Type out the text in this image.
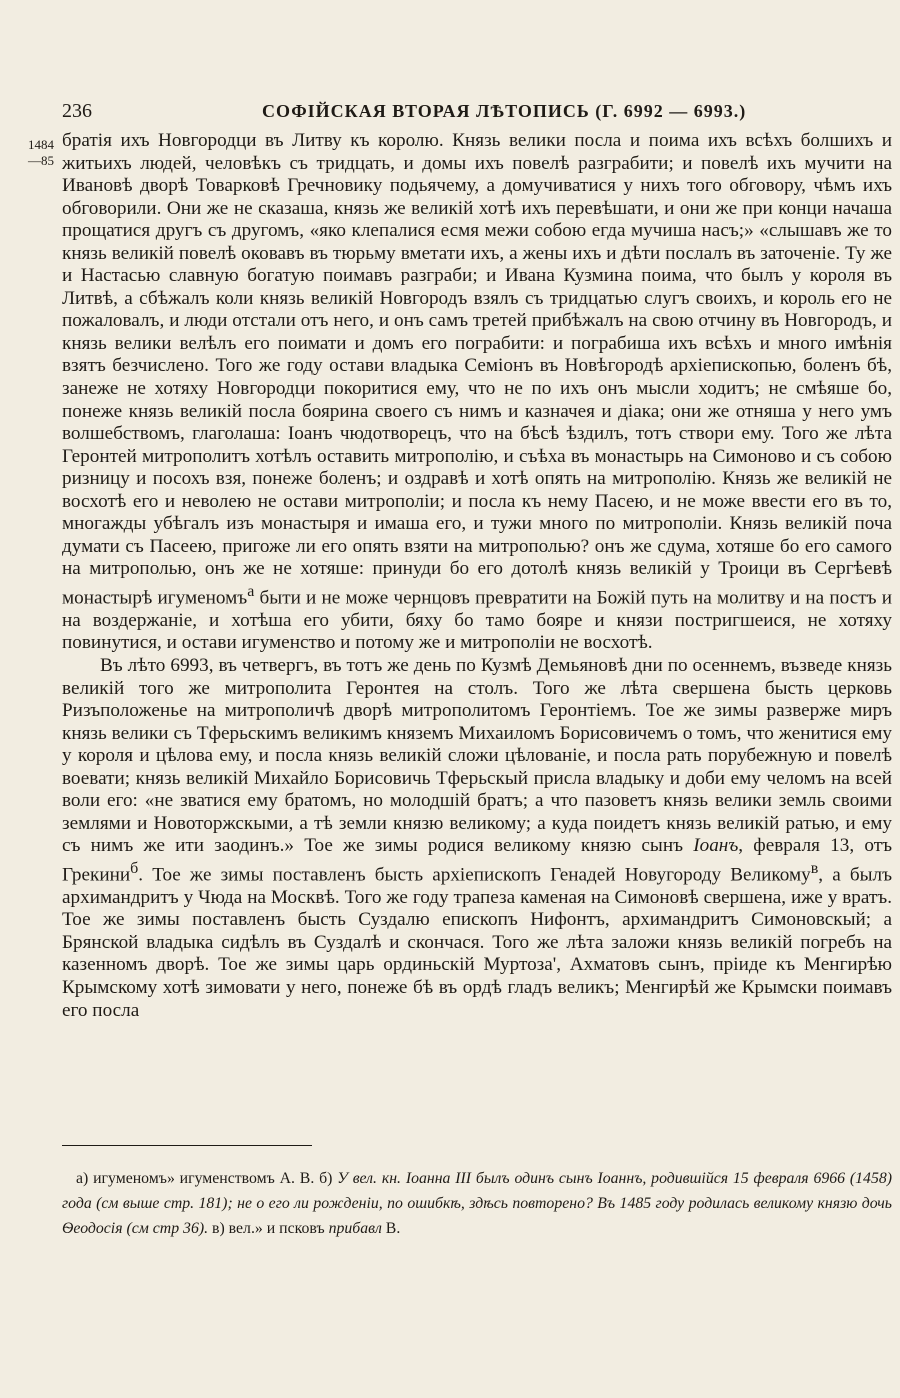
236	СОФІЙСКАЯ ВТОРАЯ ЛѢТОПИСЬ (Г. 6992 — 6993.)
1484
—85

братія ихъ Новгородци въ Литву къ королю. Князь велики посла и поима ихъ всѣхъ болшихъ и житьихъ людей, человѣкъ съ тридцать, и домы ихъ повелѣ разграбити; и повелѣ ихъ мучити на Ивановѣ дворѣ Товарковѣ Гречновику подьячему, а домучиватися у нихъ того обговору, чѣмъ ихъ обговорили. Они же не сказаша, князь же великій хотѣ ихъ перевѣшати, и они же при конци начаша прощатися другъ съ другомъ, «яко клепалися есмя межи собою егда мучиша насъ;» «слышавъ же то князь великій повелѣ оковавъ въ тюрьму вметати ихъ, а жены ихъ и дѣти послалъ въ заточеніе. Ту же и Настасью славную богатую поимавъ разграби; и Ивана Кузмина поима, что былъ у короля въ Литвѣ, а сбѣжалъ коли князь великій Новгородъ взялъ съ тридцатью слугъ своихъ, и король его не пожаловалъ, и люди отстали отъ него, и онъ самъ третей прибѣжалъ на свою отчину въ Новгородъ, и князь велики велѣлъ его поимати и домъ его пограбити: и пограбиша ихъ всѣхъ и много имѣнія взятъ безчислено. Того же году остави владыка Семіонъ въ Новѣгородѣ архіепископью, боленъ бѣ, занеже не хотяху Новгородци покоритися ему, что не по ихъ онъ мысли ходитъ; не смѣяше бо, понеже князь великій посла боярина своего съ нимъ и казначея и діака; они же отняша у него умъ волшебствомъ, глаголаша: Іоанъ чюдотворецъ, что на бѣсѣ ѣздилъ, тотъ створи ему. Того же лѣта Геронтей митрополитъ хотѣлъ оставить митрополію, и съѣха въ монастырь на Симоново и съ собою ризницу и посохъ взя, понеже боленъ; и оздравѣ и хотѣ опять на митрополію. Князь же великій не восхотѣ его и неволею не остави митрополіи; и посла къ нему Пасею, и не може ввести его въ то, многажды убѣгалъ изъ монастыря и имаша его, и тужи много по митрополіи. Князь великій поча думати съ Пасеею, пригоже ли его опять взяти на митрополью? онъ же сдума, хотяше бо его самого на митрополью, онъ же не хотяше: принуди бо его дотолѣ князь великій у Троици въ Сергѣевѣ монастырѣ игуменомъ$^а$ быти и не може чернцовъ превратити на Божій путь на молитву и на постъ и на воздержаніе, и хотѣша его убити, бяху бо тамо бояре и князи постригшеися, не хотяху повинутися, и остави игуменство и потому же и митрополіи не восхотѣ.

Въ лѣто 6993, въ четвергъ, въ тотъ же день по Кузмѣ Демьяновѣ дни по осеннемъ, възведе князь великій того же митрополита Геронтея на столъ. Того же лѣта свершена бысть церковь Ризъположенье на митрополичѣ дворѣ митрополитомъ Геронтіемъ. Тое же зимы разверже миръ князь велики съ Тферьскимъ великимъ княземъ Михаиломъ Борисовичемъ о томъ, что женитися ему у короля и цѣлова ему, и посла князь великій сложи цѣлованіе, и посла рать порубежную и повелѣ воевати; князь великій Михайло Борисовичь Тферьскый присла владыку и доби ему челомъ на всей воли его: «не зватися ему братомъ, но молодшій братъ; а что пазоветъ князь велики земль своими землями и Новоторжскыми, а тѣ земли князю великому; а куда поидетъ князь великій ратью, и ему съ нимъ же ити заодинъ.» Тое же зимы родися великому князю сынъ Іоанъ, февраля 13, отъ Грекини$^б$. Тое же зимы поставленъ бысть архіепископъ Генадей Новугороду Великому$^в$, а былъ архимандритъ у Чюда на Москвѣ. Того же году трапеза каменая на Симоновѣ свершена, иже у вратъ. Тое же зимы поставленъ бысть Суздалю епископъ Нифонтъ, архимандритъ Симоновскый; а Брянской владыка сидѣлъ въ Суздалѣ и скончася. Того же лѣта заложи князь великій погребъ на казенномъ дворѣ. Тое же зимы царь ординьскій Муртоза', Ахматовъ сынъ, пріиде къ Менгирѣю Крымскому хотѣ зимовати у него, понеже бѣ въ ордѣ гладъ великъ; Менгирѣй же Крымски поимавъ его посла

а) игуменомъ» игуменствомъ А. В. б) У вел. кн. Іоанна III былъ одинъ сынъ Іоаннъ, родившійся 15 февраля 6966 (1458) года (см выше стр. 181); не о его ли рожденіи, по ошибкѣ, здѣсь повторено? Въ 1485 году родилась великому князю дочь Ѳеодосія (см стр 36). в) вел.» и псковъ прибавл В.
